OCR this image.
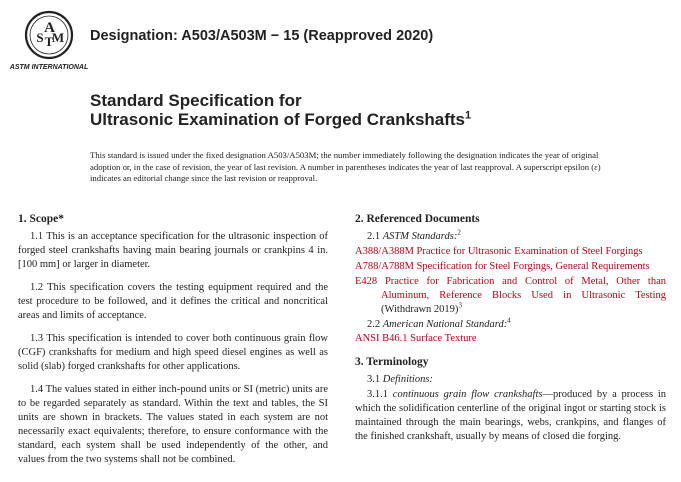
A
S T
M
ASTM INTERNATIONAL
Designation: A503/A503M − 15 (Reapproved 2020)
Standard Specification for
Ultrasonic Examination of Forged Crankshafts$^1$
This standard is issued under the fixed designation A503/A503M; the number immediately following the designation indicates the year of original adoption or, in the case of revision, the year of last revision. A number in parentheses indicates the year of last reapproval. A superscript epsilon (ε) indicates an editorial change since the last revision or reapproval.
1. Scope*
1.1 This is an acceptance specification for the ultrasonic inspection of forged steel crankshafts having main bearing journals or crankpins 4 in. [100 mm] or larger in diameter.
1.2 This specification covers the testing equipment required and the test procedure to be followed, and it defines the critical and noncritical areas and limits of acceptance.
1.3 This specification is intended to cover both continuous grain flow (CGF) crankshafts for medium and high speed diesel engines as well as solid (slab) forged crankshafts for other applications.
1.4 The values stated in either inch-pound units or SI (metric) units are to be regarded separately as standard. Within the text and tables, the SI units are shown in brackets. The values stated in each system are not necessarily exact equivalents; therefore, to ensure conformance with the standard, each system shall be used independently of the other, and values from the two systems shall not be combined.
2. Referenced Documents
2.1 ASTM Standards:$^2$
A388/A388M Practice for Ultrasonic Examination of Steel Forgings
A788/A788M Specification for Steel Forgings, General Requirements
E428 Practice for Fabrication and Control of Metal, Other than Aluminum, Reference Blocks Used in Ultrasonic Testing (Withdrawn 2019)$^3$
2.2 American National Standard:$^4$
ANSI B46.1 Surface Texture
3. Terminology
3.1 Definitions:
3.1.1 continuous grain flow crankshafts—produced by a process in which the solidification centerline of the original ingot or starting stock is maintained through the main bearings, webs, crankpins, and flanges of the finished crankshaft, usually by means of closed die forging.
